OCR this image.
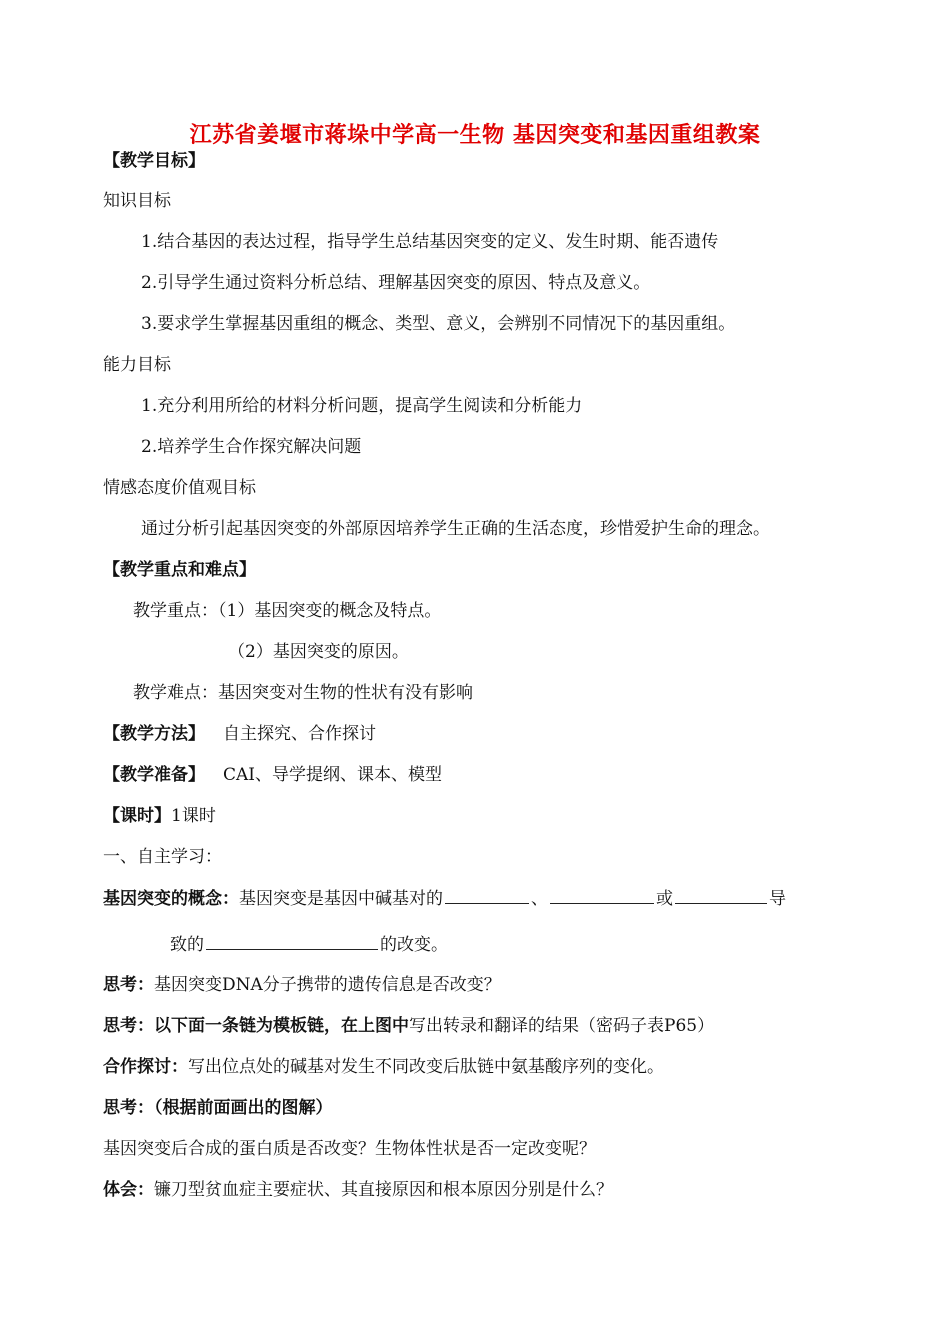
江苏省姜堰市蒋垛中学高一生物 基因突变和基因重组教案
【教学目标】
知识目标
1.结合基因的表达过程，指导学生总结基因突变的定义、发生时期、能否遗传
2.引导学生通过资料分析总结、理解基因突变的原因、特点及意义。
3.要求学生掌握基因重组的概念、类型、意义，会辨别不同情况下的基因重组。
能力目标
1.充分利用所给的材料分析问题，提高学生阅读和分析能力
2.培养学生合作探究解决问题
情感态度价值观目标
通过分析引起基因突变的外部原因培养学生正确的生活态度，珍惜爱护生命的理念。
【教学重点和难点】
教学重点：（1）基因突变的概念及特点。
（2）基因突变的原因。
教学难点：基因突变对生物的性状有没有影响
【教学方法】 自主探究、合作探讨
【教学准备】 CAI、导学提纲、课本、模型
【课时】1课时
一、自主学习：
基因突变的概念：基因突变是基因中碱基对的	、	或	导
致的	的改变。
思考：基因突变DNA分子携带的遗传信息是否改变？
思考：以下面一条链为模板链，在上图中写出转录和翻译的结果（密码子表P65）
合作探讨：写出位点处的碱基对发生不同改变后肽链中氨基酸序列的变化。
思考：（根据前面画出的图解）
基因突变后合成的蛋白质是否改变？生物体性状是否一定改变呢？
体会：镰刀型贫血症主要症状、其直接原因和根本原因分别是什么？
